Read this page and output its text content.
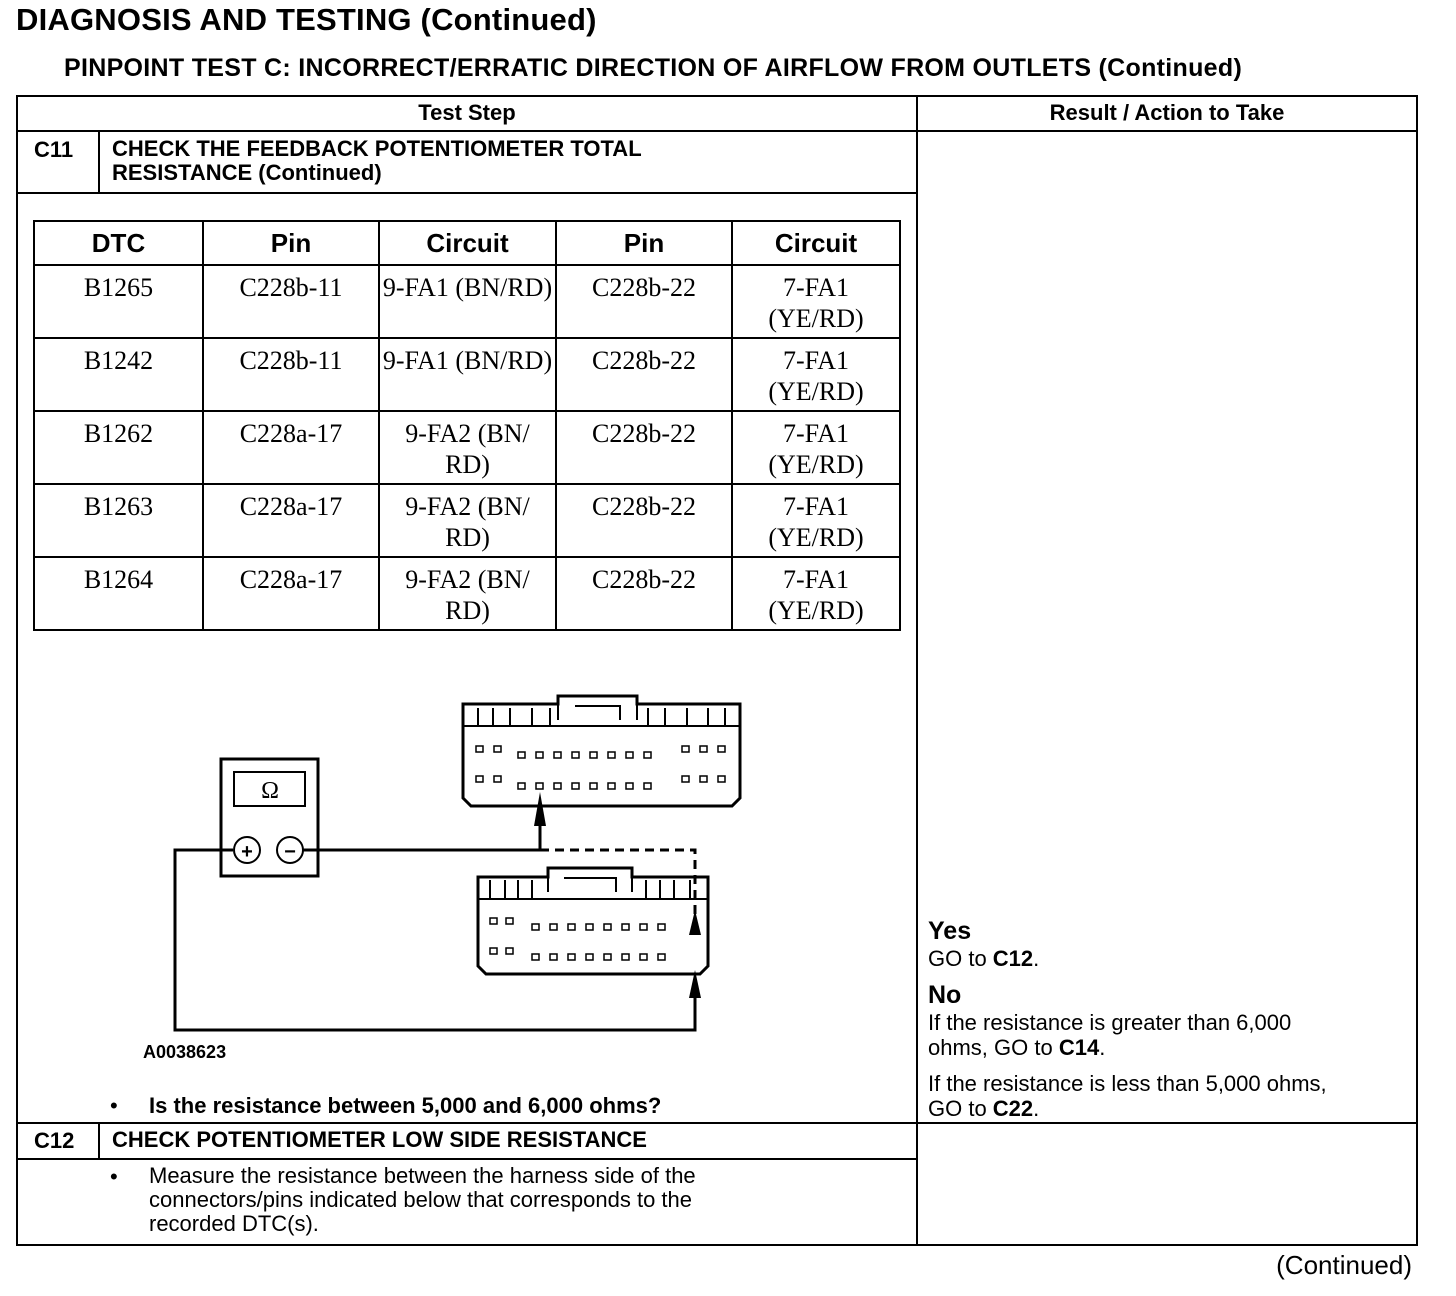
DIAGNOSIS AND TESTING (Continued)
PINPOINT TEST C: INCORRECT/ERRATIC DIRECTION OF AIRFLOW FROM OUTLETS (Continued)
Test Step	Result / Action to Take
C11 CHECK THE FEEDBACK POTENTIOMETER TOTAL
RESISTANCE (Continued)
DTC	Pin	Circuit	Pin	Circuit
B1265	C228b-11	9-FA1 (BN/RD)	C228b-22	7-FA1 (YE/RD)
B1242	C228b-11	9-FA1 (BN/RD)	C228b-22	7-FA1 (YE/RD)
B1262	C228a-17	9-FA2 (BN/ RD)	C228b-22	7-FA1 (YE/RD)
B1263	C228a-17	9-FA2 (BN/ RD)	C228b-22	7-FA1 (YE/RD)
B1264	C228a-17	9-FA2 (BN/ RD)	C228b-22	7-FA1 (YE/RD)
Ω
+ −
A0038623
• Is the resistance between 5,000 and 6,000 ohms?
Yes
GO to C12.
No
If the resistance is greater than 6,000
ohms, GO to C14.
If the resistance is less than 5,000 ohms,
GO to C22.
C12 CHECK POTENTIOMETER LOW SIDE RESISTANCE
• Measure the resistance between the harness side of the
connectors/pins indicated below that corresponds to the
recorded DTC(s).
(Continued)
